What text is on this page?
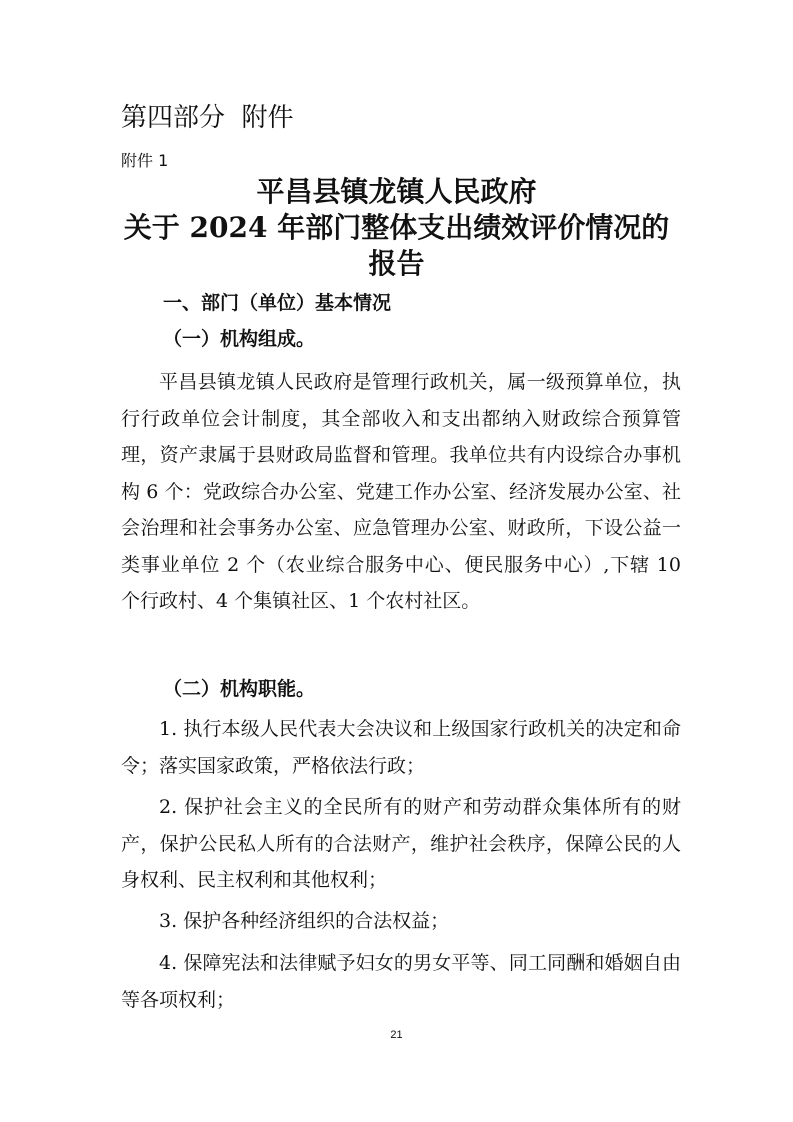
第四部分  附件
附件 1
平昌县镇龙镇人民政府
关于 2024 年部门整体支出绩效评价情况的
报告
一、部门（单位）基本情况
（一）机构组成。

平昌县镇龙镇人民政府是管理行政机关，属一级预算单位，执行行政单位会计制度，其全部收入和支出都纳入财政综合预算管理，资产隶属于县财政局监督和管理。我单位共有内设综合办事机构 6 个：党政综合办公室、党建工作办公室、经济发展办公室、社会治理和社会事务办公室、应急管理办公室、财政所，下设公益一类事业单位 2 个（农业综合服务中心、便民服务中心）,下辖 10 个行政村、4 个集镇社区、1 个农村社区。

（二）机构职能。

1. 执行本级人民代表大会决议和上级国家行政机关的决定和命令；落实国家政策，严格依法行政；

2. 保护社会主义的全民所有的财产和劳动群众集体所有的财产，保护公民私人所有的合法财产，维护社会秩序，保障公民的人身权利、民主权利和其他权利；

3. 保护各种经济组织的合法权益；

4. 保障宪法和法律赋予妇女的男女平等、同工同酬和婚姻自由等各项权利；

21
